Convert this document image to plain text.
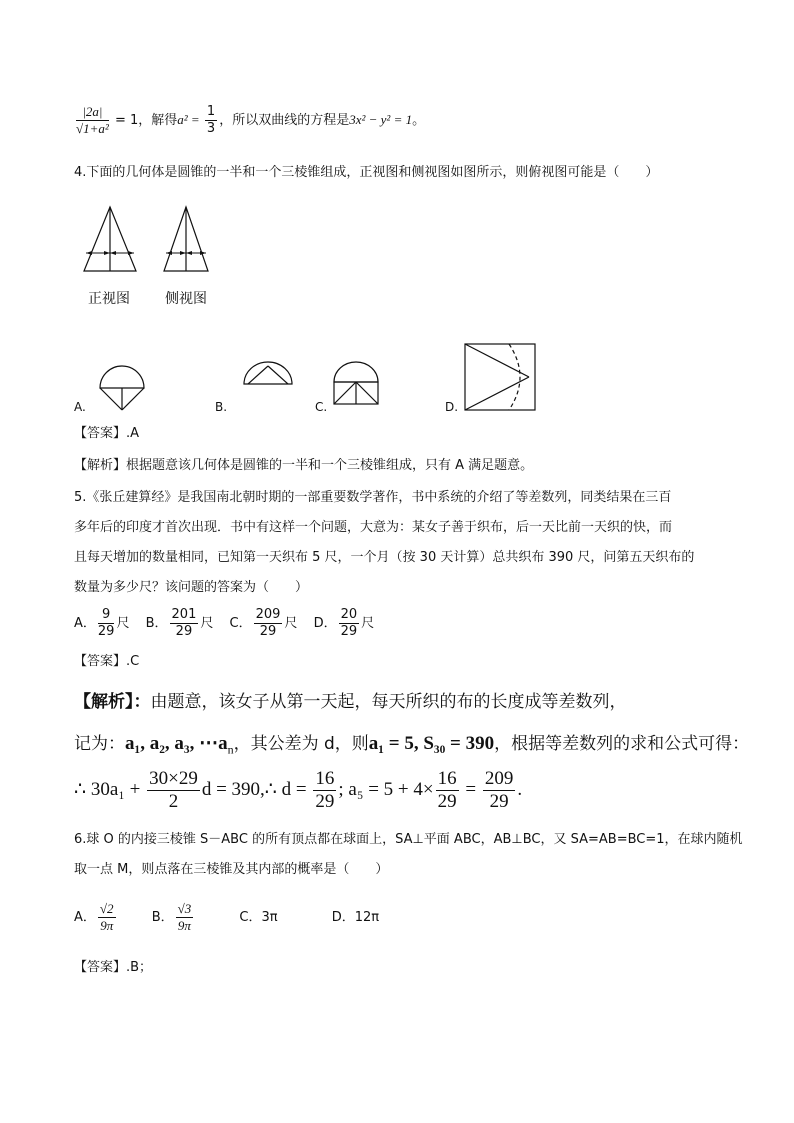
$\frac{|2a|}{\text{√1+a²}} = 1$，解得$a^2 = \frac{1}{3}$ ，所以双曲线的方程是3x² − y² = 1。
4.下面的几何体是圆锥的一半和一个三棱锥组成，正视图和侧视图如图所示，则俯视图可能是（　　）
正视图	侧视图
A.	B.	C.	D.
【答案】.A
【解析】根据题意该几何体是圆锥的一半和一个三棱锥组成，只有 A 满足题意。
5.《张丘建算经》是我国南北朝时期的一部重要数学著作，书中系统的介绍了等差数列，同类结果在三百
多年后的印度才首次出现．书中有这样一个问题，大意为：某女子善于织布，后一天比前一天织的快，而
且每天增加的数量相同，已知第一天织布 5 尺，一个月（按 30 天计算）总共织布 390 尺，问第五天织布的
数量为多少尺？该问题的答案为（　　）
A． $\frac{9}{29}$ 尺 B． $\frac{201}{29}$ 尺 C． $\frac{209}{29}$ 尺 D． $\frac{20}{29}$ 尺
【答案】.C
【解析】：由题意，该女子从第一天起，每天所织的布的长度成等差数列，
记为：a₁, a₂, a₃, $\cdots a_n$，其公差为 d，则a₁ = 5, S₃₀ = 390，根据等差数列的求和公式可得：
∴ $30a_1 + \frac{30\times 29}{2}$ d = 390,∴ $d = \frac{16}{29}$ ; $a_5 = 5 + 4\times \frac{16}{29} = \frac{209}{29}$ .
6.球 O 的内接三棱锥 S－ABC 的所有顶点都在球面上，SA⊥平面 ABC，AB⊥BC，又 SA=AB=BC=1，在球内随机
取一点 M，则点落在三棱锥及其内部的概率是（　　）
A． $\frac{√2}{9\pi}$	B． $\frac{√3}{9\pi}$	C．3π	D．12π
【答案】.B；
